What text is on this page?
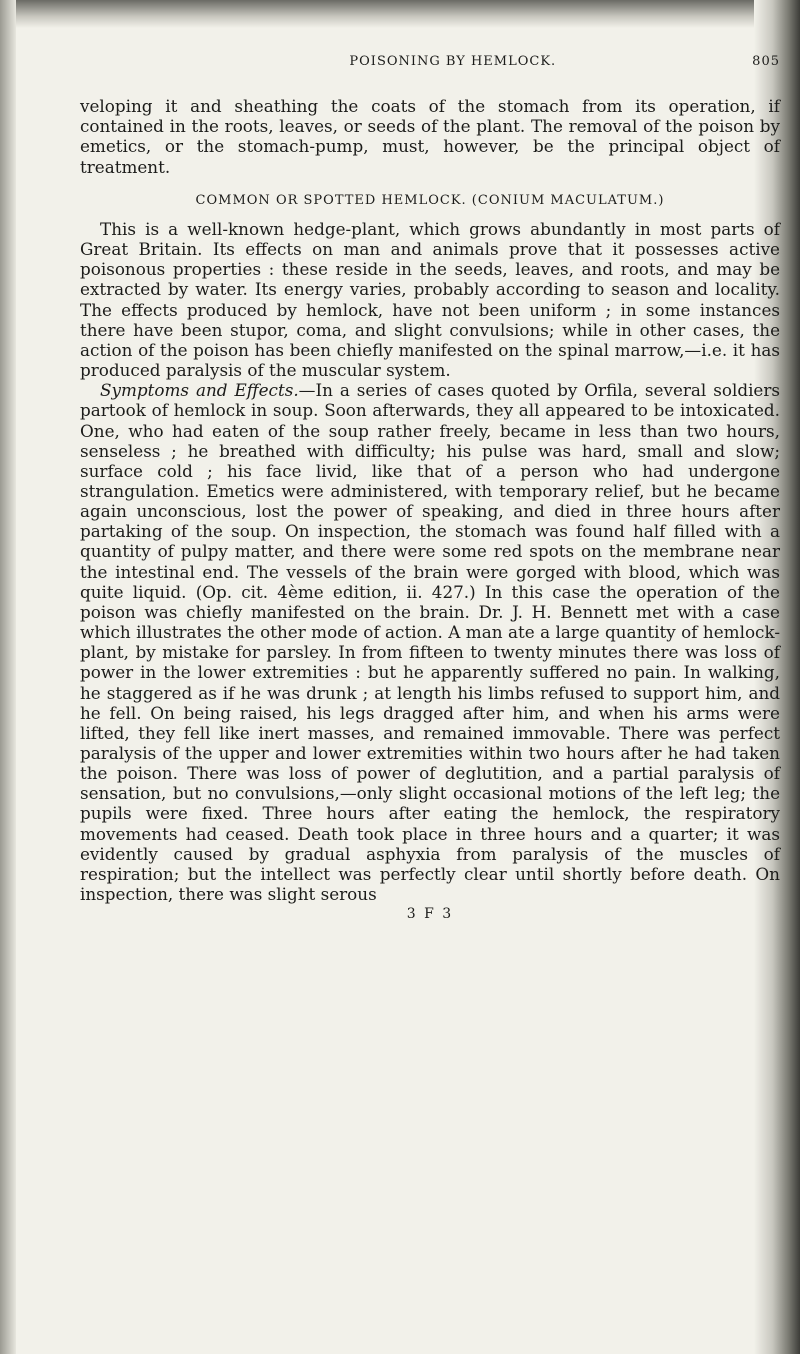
POISONING BY HEMLOCK.	805

veloping it and sheathing the coats of the stomach from its operation, if contained in the roots, leaves, or seeds of the plant. The removal of the poison by emetics, or the stomach-pump, must, however, be the principal object of treatment.

COMMON OR SPOTTED HEMLOCK. (CONIUM MACULATUM.)

This is a well-known hedge-plant, which grows abundantly in most parts of Great Britain. Its effects on man and animals prove that it possesses active poisonous properties : these reside in the seeds, leaves, and roots, and may be extracted by water. Its energy varies, probably according to season and locality. The effects produced by hemlock, have not been uniform ; in some instances there have been stupor, coma, and slight convulsions; while in other cases, the action of the poison has been chiefly manifested on the spinal marrow,—i.e. it has produced paralysis of the muscular system.

Symptoms and Effects.—In a series of cases quoted by Orfila, several soldiers partook of hemlock in soup. Soon afterwards, they all appeared to be intoxicated. One, who had eaten of the soup rather freely, became in less than two hours, senseless ; he breathed with difficulty; his pulse was hard, small and slow; surface cold ; his face livid, like that of a person who had undergone strangulation. Emetics were administered, with temporary relief, but he became again unconscious, lost the power of speaking, and died in three hours after partaking of the soup. On inspection, the stomach was found half filled with a quantity of pulpy matter, and there were some red spots on the membrane near the intestinal end. The vessels of the brain were gorged with blood, which was quite liquid. (Op. cit. 4ème edition, ii. 427.) In this case the operation of the poison was chiefly manifested on the brain. Dr. J. H. Bennett met with a case which illustrates the other mode of action. A man ate a large quantity of hemlock-plant, by mistake for parsley. In from fifteen to twenty minutes there was loss of power in the lower extremities : but he apparently suffered no pain. In walking, he staggered as if he was drunk ; at length his limbs refused to support him, and he fell. On being raised, his legs dragged after him, and when his arms were lifted, they fell like inert masses, and remained immovable. There was perfect paralysis of the upper and lower extremities within two hours after he had taken the poison. There was loss of power of deglutition, and a partial paralysis of sensation, but no convulsions,—only slight occasional motions of the left leg; the pupils were fixed. Three hours after eating the hemlock, the respiratory movements had ceased. Death took place in three hours and a quarter; it was evidently caused by gradual asphyxia from paralysis of the muscles of respiration; but the intellect was perfectly clear until shortly before death. On inspection, there was slight serous

3 F 3
